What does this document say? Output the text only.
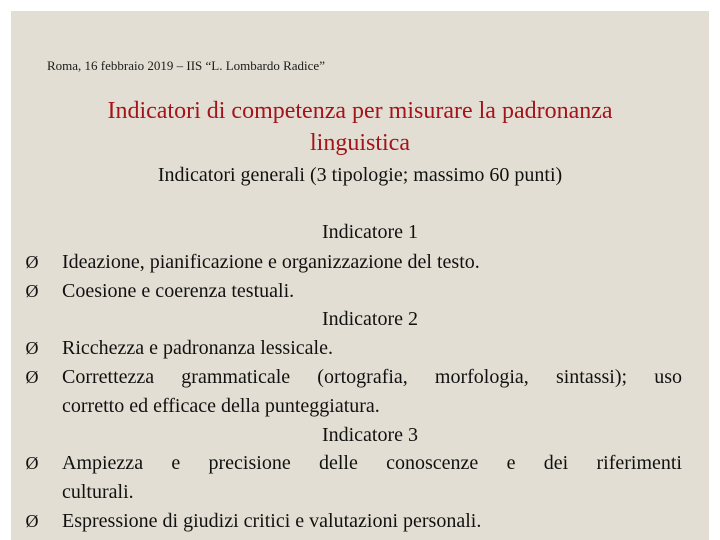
Roma, 16 febbraio 2019 – IIS “L. Lombardo Radice”
Indicatori di competenza per misurare la padronanza
linguistica
Indicatori generali (3 tipologie; massimo 60 punti)
Indicatore 1
Ø Ideazione, pianificazione e organizzazione del testo.
Ø Coesione e coerenza testuali.
Indicatore 2
Ø Ricchezza e padronanza lessicale.
Ø Correttezza grammaticale (ortografia, morfologia, sintassi); uso
corretto ed efficace della punteggiatura.
Indicatore 3
Ø Ampiezza e precisione delle conoscenze e dei riferimenti
culturali.
Ø Espressione di giudizi critici e valutazioni personali.
